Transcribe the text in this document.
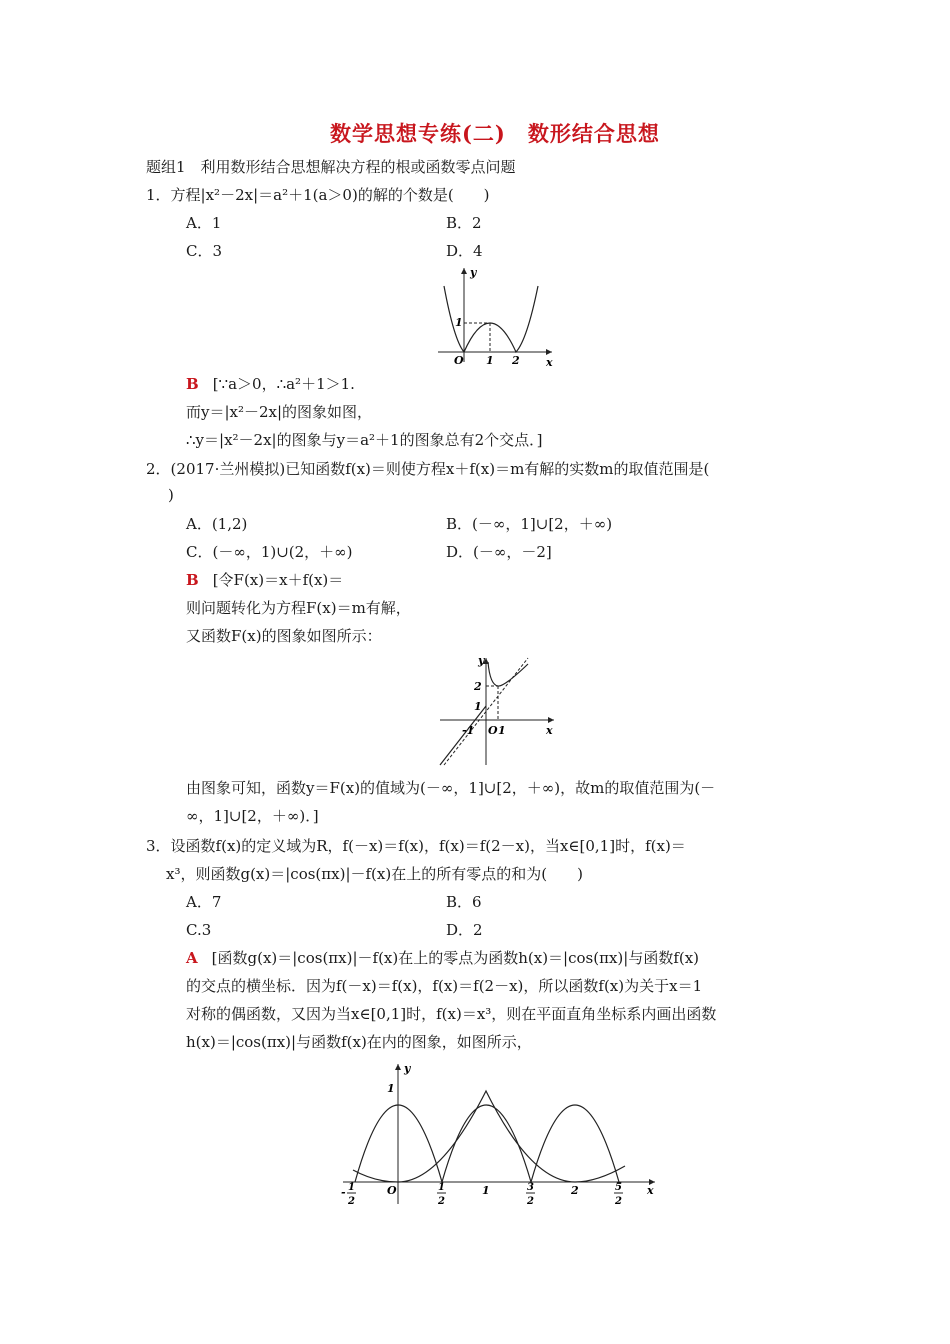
数学思想专练(二)　数形结合思想
题组1　利用数形结合思想解决方程的根或函数零点问题
1．方程|x²－2x|＝a²＋1(a＞0)的解的个数是(　　)
A．1	B．2
C．3	D．4
y
x
O 1 2
1
B [∵a＞0，∴a²＋1＞1.
而y＝|x²－2x|的图象如图，
∴y＝|x²－2x|的图象与y＝a²＋1的图象总有2个交点．]
2．(2017·兰州模拟)已知函数f(x)＝则使方程x＋f(x)＝m有解的实数m的取值范围是(
)
A．(1,2)	B．(－∞，1]∪[2，＋∞)
C．(－∞，1)∪(2，＋∞)	D．(－∞，－2]
B [令F(x)＝x＋f(x)＝
则问题转化为方程F(x)＝m有解，
又函数F(x)的图象如图所示：
y
x
2
1
-1 O 1
由图象可知，函数y＝F(x)的值域为(－∞，1]∪[2，＋∞)，故m的取值范围为(－
∞，1]∪[2，＋∞)．]
3．设函数f(x)的定义域为R，f(－x)＝f(x)，f(x)＝f(2－x)，当x∈[0,1]时，f(x)＝
x³，则函数g(x)＝|cos(πx)|－f(x)在上的所有零点的和为(　　)
A．7	B．6
C.3	D．2
A [函数g(x)＝|cos(πx)|－f(x)在上的零点为函数h(x)＝|cos(πx)|与函数f(x)
的交点的横坐标．因为f(－x)＝f(x)，f(x)＝f(2－x)，所以函数f(x)为关于x＝1
对称的偶函数，又因为当x∈[0,1]时，f(x)＝x³，则在平面直角坐标系内画出函数
h(x)＝|cos(πx)|与函数f(x)在内的图象，如图所示，
y
x
1
O	1	2
- 1
2
1
2
3
2
5
2
